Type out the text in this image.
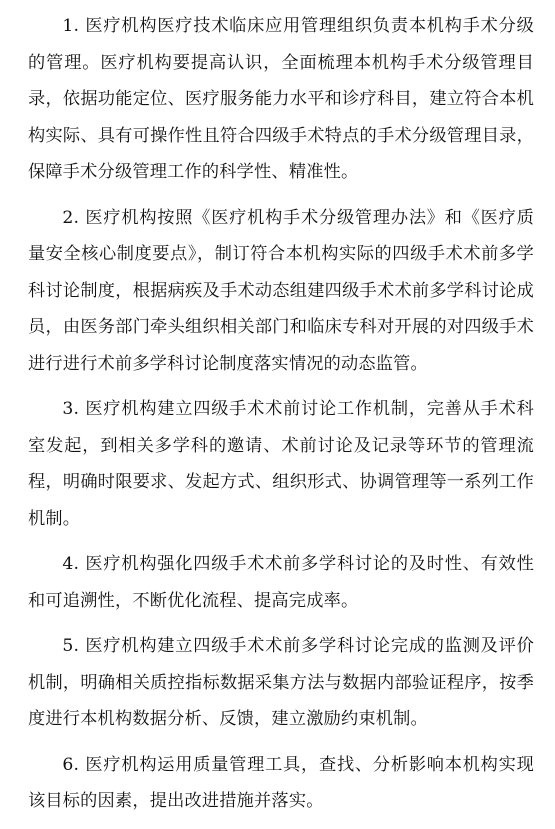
1. 医疗机构医疗技术临床应用管理组织负责本机构手术分级的管理。医疗机构要提高认识，全面梳理本机构手术分级管理目录，依据功能定位、医疗服务能力水平和诊疗科目，建立符合本机构实际、具有可操作性且符合四级手术特点的手术分级管理目录，保障手术分级管理工作的科学性、精准性。

2. 医疗机构按照《医疗机构手术分级管理办法》和《医疗质量安全核心制度要点》，制订符合本机构实际的四级手术术前多学科讨论制度，根据病疾及手术动态组建四级手术术前多学科讨论成员，由医务部门牵头组织相关部门和临床专科对开展的对四级手术进行进行术前多学科讨论制度落实情况的动态监管。

3. 医疗机构建立四级手术术前讨论工作机制，完善从手术科室发起，到相关多学科的邀请、术前讨论及记录等环节的管理流程，明确时限要求、发起方式、组织形式、协调管理等一系列工作机制。

4. 医疗机构强化四级手术术前多学科讨论的及时性、有效性和可追溯性，不断优化流程、提高完成率。

5. 医疗机构建立四级手术术前多学科讨论完成的监测及评价机制，明确相关质控指标数据采集方法与数据内部验证程序，按季度进行本机构数据分析、反馈，建立激励约束机制。

6. 医疗机构运用质量管理工具，查找、分析影响本机构实现该目标的因素，提出改进措施并落实。
